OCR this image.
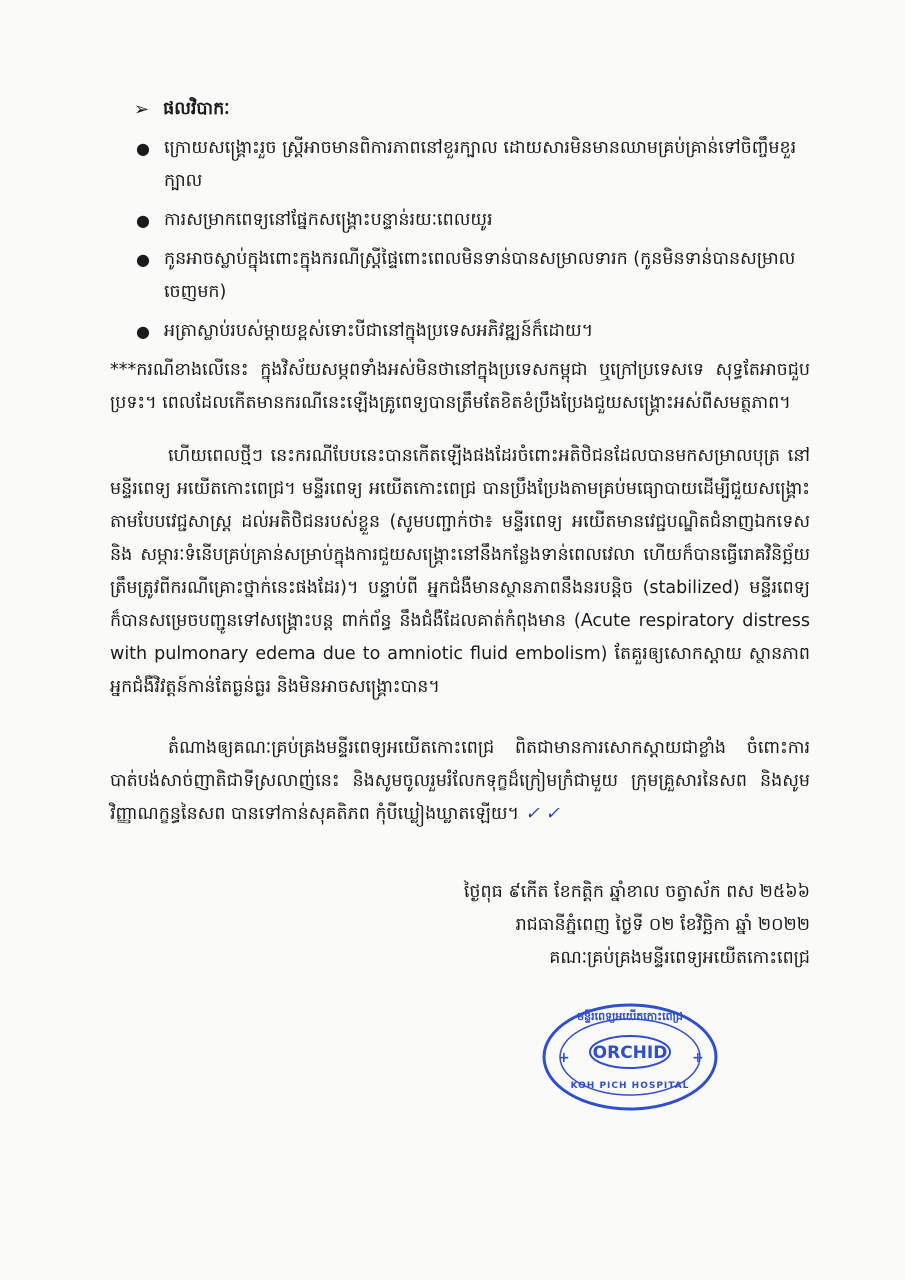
➢ ផលវិបាកៈ
● ក្រោយសង្គ្រោះរួច ស្ត្រីអាចមានពិការភាពនៅខួរក្បាល ដោយសារមិនមានឈាមគ្រប់គ្រាន់ទៅចិញ្ចឹមខួរក្បាល
● ការសម្រាកពេទ្យនៅផ្នែកសង្គ្រោះបន្ទាន់រយៈពេលយូរ
● កូនអាចស្លាប់ក្នុងពោះក្នុងករណីស្ត្រីផ្ទៃពោះពេលមិនទាន់បានសម្រាលទារក (កូនមិនទាន់បានសម្រាលចេញមក)
● អត្រាស្លាប់របស់ម្តាយខ្ពស់ទោះបីជានៅក្នុងប្រទេសអភិវឌ្ឍន៍ក៏ដោយ។
***ករណីខាងលើនេះ ក្នុងវិស័យសម្ភពទាំងអស់មិនថានៅក្នុងប្រទេសកម្ពុជា ឬក្រៅប្រទេសទេ សុទ្ធតែអាចជួបប្រទះ។ ពេលដែលកើតមានករណីនេះឡើងគ្រូពេទ្យបានត្រឹមតែខិតខំប្រឹងប្រែងជួយសង្គ្រោះអស់ពីសមត្ថភាព។
ហើយពេលថ្មីៗ នេះករណីបែបនេះបានកើតឡើងផងដែរចំពោះអតិថិជនដែលបានមកសម្រាលបុត្រ នៅមន្ទីរពេទ្យ អយើតកោះពេជ្រ។ មន្ទីរពេទ្យ អយើតកោះពេជ្រ បានប្រឹងប្រែងតាមគ្រប់មធ្យោបាយដើម្បីជួយសង្គ្រោះតាមបែបវេជ្ជសាស្ត្រ ដល់អតិថិជនរបស់ខ្លួន (សូមបញ្ជាក់ថា៖ មន្ទីរពេទ្យ អយើតមានវេជ្ជបណ្ឌិតជំនាញឯកទេស និង សម្ភារៈទំនើបគ្រប់គ្រាន់សម្រាប់ក្នុងការជួយសង្គ្រោះនៅនឹងកន្លែងទាន់ពេលវេលា ហើយក៏បានធ្វើរោគវិនិច្ឆ័យត្រឹមត្រូវពីករណីគ្រោះថ្នាក់នេះផងដែរ)។ បន្ទាប់ពី អ្នកជំងឺមានស្ថានភាពនឹងនរបន្តិច (stabilized) មន្ទីរពេទ្យក៏បានសម្រេចបញ្ជូនទៅសង្គ្រោះបន្ត ពាក់ព័ន្ធ នឹងជំងឺដែលគាត់កំពុងមាន (Acute respiratory distress with pulmonary edema due to amniotic fluid embolism) តែគួរឲ្យសោកស្តាយ ស្ថានភាពអ្នកជំងឺវិវត្តន៍កាន់តែធ្ងន់ធ្ងរ និងមិនអាចសង្គ្រោះបាន។
តំណាងឲ្យគណៈគ្រប់គ្រងមន្ទីរពេទ្យអយើតកោះពេជ្រ ពិតជាមានការសោកស្តាយជាខ្លាំង ចំពោះការបាត់បង់សាច់ញាតិជាទីស្រលាញ់នេះ និងសូមចូលរួមរំលែកទុក្ខដ៏ក្រៀមក្រំជាមួយ ក្រុមគ្រួសារនៃសព និងសូមវិញ្ញាណក្ខន្ធនៃសព បានទៅកាន់សុគតិភព កុំបីឃ្លៀងឃ្លាតឡើយ។ ✓ ✓
ថ្ងៃពុធ ៩កើត ខែកត្តិក ឆ្នាំខាល ចត្វាស័ក ពស ២៥៦៦
រាជធានីភ្នំពេញ ថ្ងៃទី ០២ ខែវិច្ឆិកា ឆ្នាំ ២០២២
គណៈគ្រប់គ្រងមន្ទីរពេទ្យអយើតកោះពេជ្រ
មន្ទីរពេទ្យអយើតកោះពេជ្រ
ORCHID
KOH PICH HOSPITAL
+	+
